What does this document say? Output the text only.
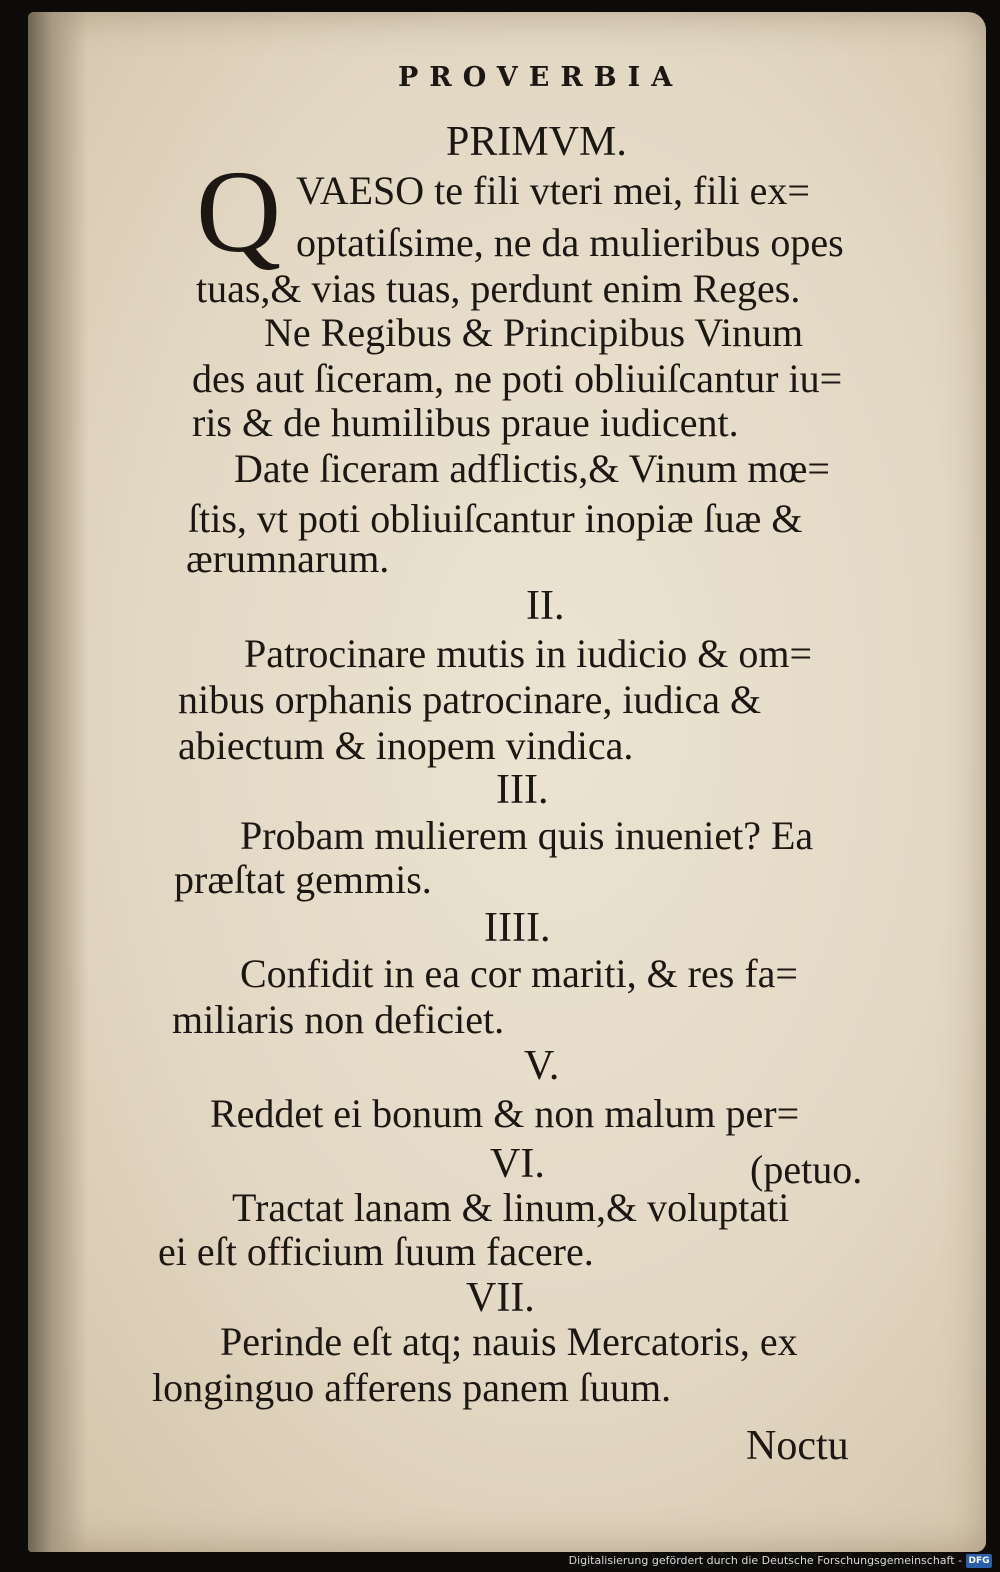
PROVERBIA
PRIMVM.
Q VAESO te fili vteri mei, fili ex=
optatiſsime, ne da mulieribus opes
tuas,& vias tuas, perdunt enim Reges.
Ne Regibus & Principibus Vinum
des aut ſiceram, ne poti obliuiſcantur iu=
ris & de humilibus praue iudicent.
Date ſiceram adflictis,& Vinum mœ=
ſtis, vt poti obliuiſcantur inopiæ ſuæ &
ærumnarum.
II.
Patrocinare mutis in iudicio & om=
nibus orphanis patrocinare, iudica &
abiectum & inopem vindica.
III.
Probam mulierem quis inueniet? Ea
præſtat gemmis.
IIII.
Confidit in ea cor mariti, & res fa=
miliaris non deficiet.
V.
Reddet ei bonum & non malum per=
VI.	(petuo.
Tractat lanam & linum,& voluptati
ei eſt officium ſuum facere.
VII.
Perinde eſt atq; nauis Mercatoris, ex
longinguo afferens panem ſuum.
Noctu
Digitalisierung gefördert durch die Deutsche Forschungsgemeinschaft - DFG
